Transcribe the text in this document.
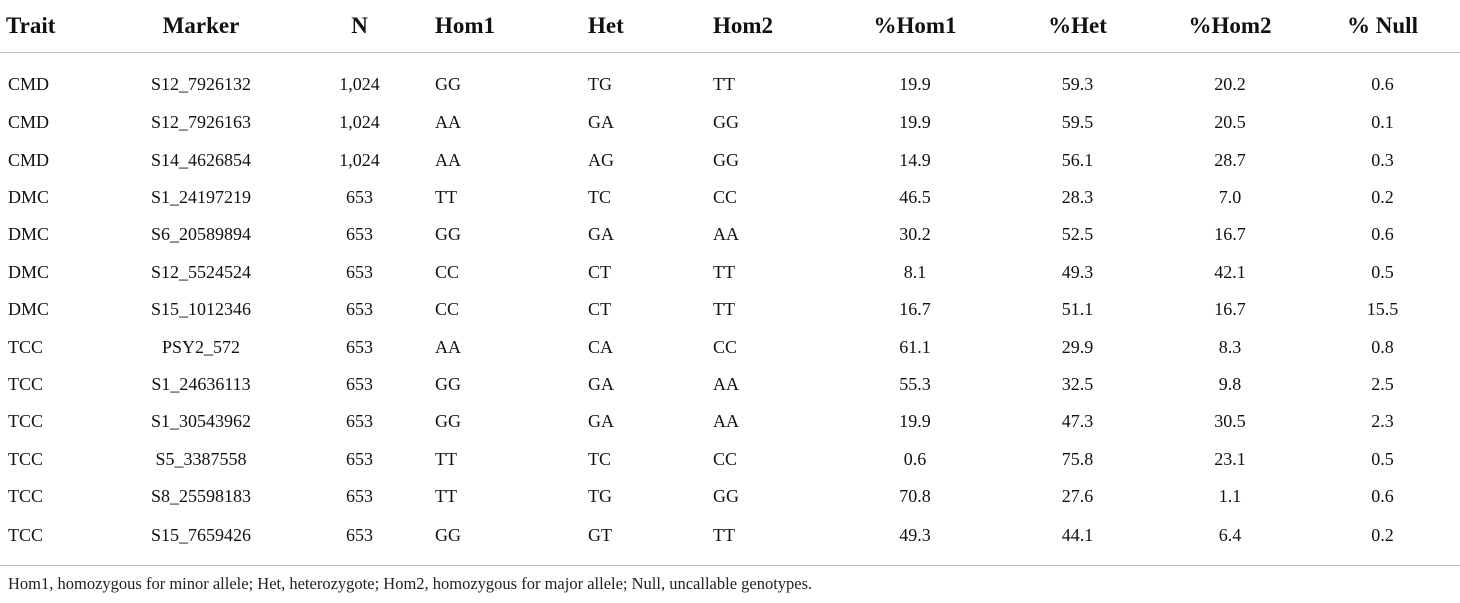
Trait	Marker	N	Hom1	Het	Hom2	%Hom1	%Het	%Hom2	% Null
CMD	S12_7926132	1,024	GG	TG	TT	19.9	59.3	20.2	0.6
CMD	S12_7926163	1,024	AA	GA	GG	19.9	59.5	20.5	0.1
CMD	S14_4626854	1,024	AA	AG	GG	14.9	56.1	28.7	0.3
DMC	S1_24197219	653	TT	TC	CC	46.5	28.3	7.0	0.2
DMC	S6_20589894	653	GG	GA	AA	30.2	52.5	16.7	0.6
DMC	S12_5524524	653	CC	CT	TT	8.1	49.3	42.1	0.5
DMC	S15_1012346	653	CC	CT	TT	16.7	51.1	16.7	15.5
TCC	PSY2_572	653	AA	CA	CC	61.1	29.9	8.3	0.8
TCC	S1_24636113	653	GG	GA	AA	55.3	32.5	9.8	2.5
TCC	S1_30543962	653	GG	GA	AA	19.9	47.3	30.5	2.3
TCC	S5_3387558	653	TT	TC	CC	0.6	75.8	23.1	0.5
TCC	S8_25598183	653	TT	TG	GG	70.8	27.6	1.1	0.6
TCC	S15_7659426	653	GG	GT	TT	49.3	44.1	6.4	0.2
Hom1, homozygous for minor allele; Het, heterozygote; Hom2, homozygous for major allele; Null, uncallable genotypes.
